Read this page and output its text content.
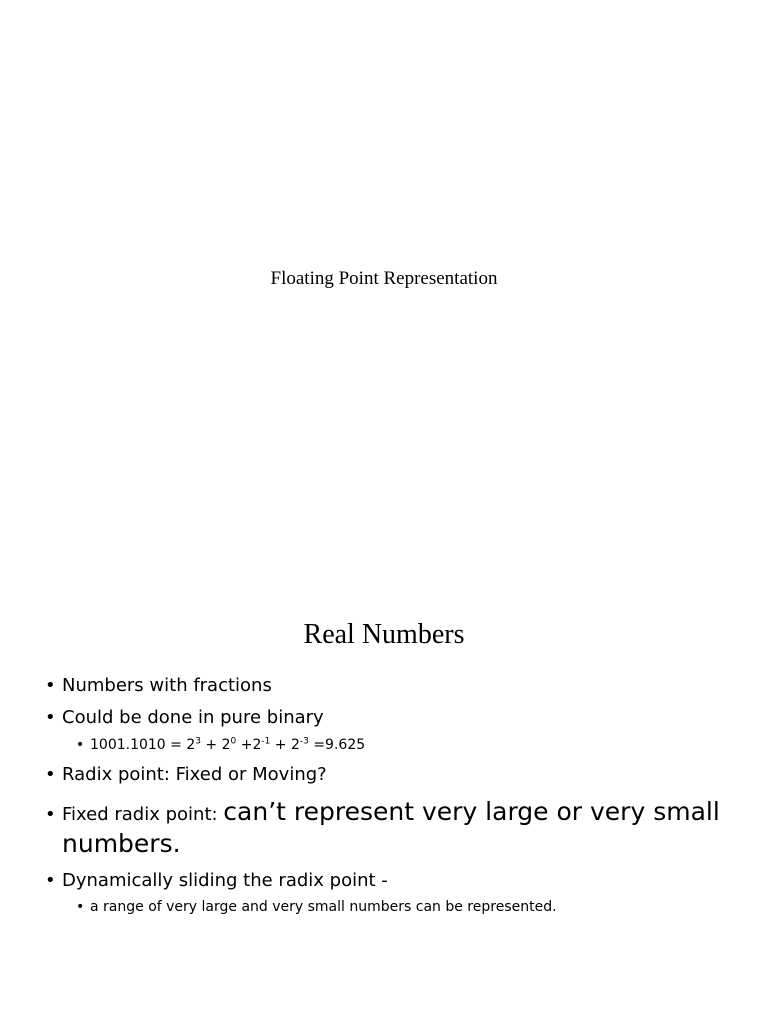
Floating Point Representation
Real Numbers
• Numbers with fractions
• Could be done in pure binary
• $1001.1010 = 2^3 + 2^0 +2^{-1} + 2^{-3} =9.625$
• Radix point: Fixed or Moving?
• Fixed radix point: can’t represent very large or very small
numbers.
• Dynamically sliding the radix point -
• a range of very large and very small numbers can be represented.
